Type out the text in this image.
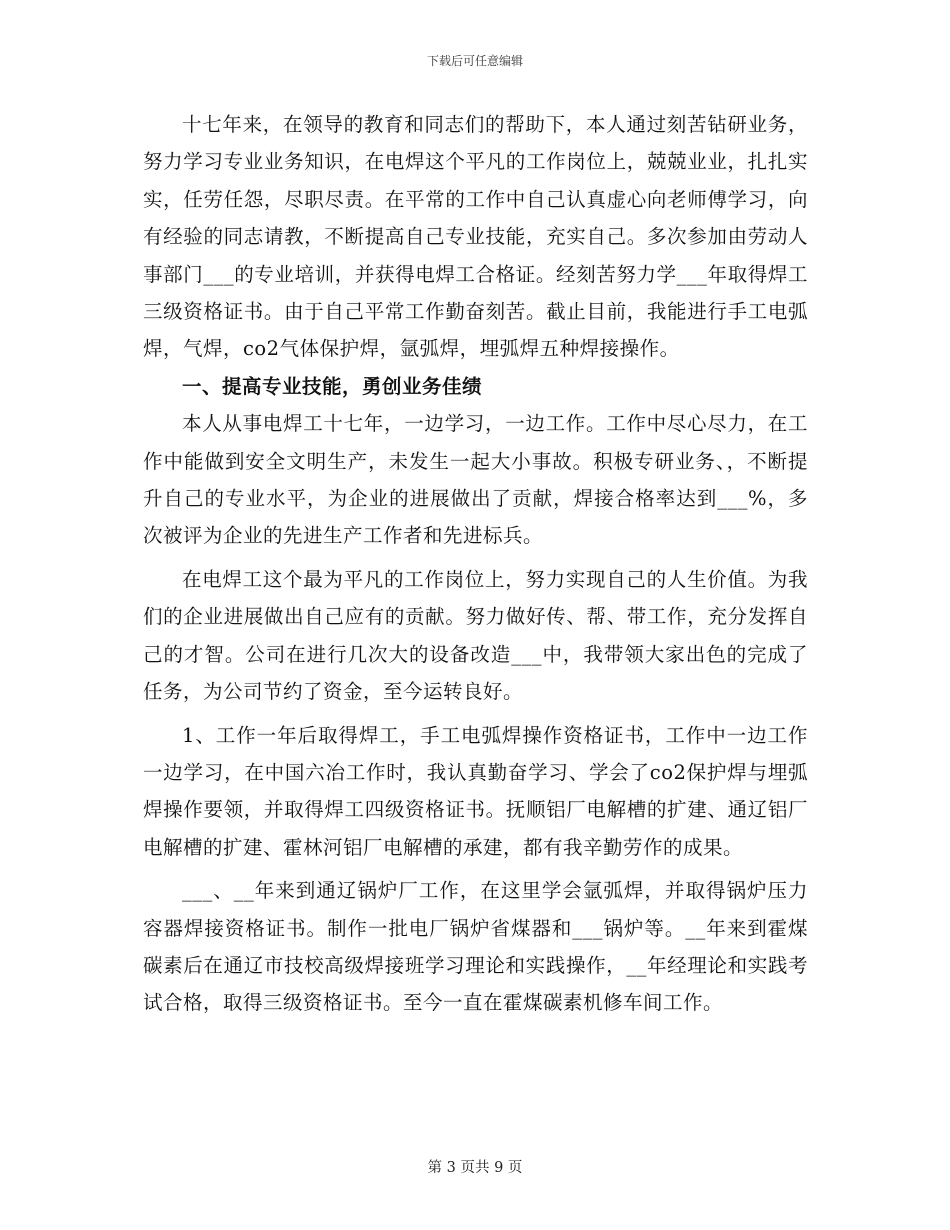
下载后可任意编辑

十七年来，在领导的教育和同志们的帮助下，本人通过刻苦钻研业务，努力学习专业业务知识，在电焊这个平凡的工作岗位上，兢兢业业，扎扎实实，任劳任怨，尽职尽责。在平常的工作中自己认真虚心向老师傅学习，向有经验的同志请教，不断提高自己专业技能，充实自己。多次参加由劳动人事部门___的专业培训，并获得电焊工合格证。经刻苦努力学___年取得焊工三级资格证书。由于自己平常工作勤奋刻苦。截止目前，我能进行手工电弧焊，气焊，co2气体保护焊，氩弧焊，埋弧焊五种焊接操作。

一、提高专业技能，勇创业务佳绩

本人从事电焊工十七年，一边学习，一边工作。工作中尽心尽力，在工作中能做到安全文明生产，未发生一起大小事故。积极专研业务、，不断提升自己的专业水平，为企业的进展做出了贡献，焊接合格率达到___%，多次被评为企业的先进生产工作者和先进标兵。

在电焊工这个最为平凡的工作岗位上，努力实现自己的人生价值。为我们的企业进展做出自己应有的贡献。努力做好传、帮、带工作，充分发挥自己的才智。公司在进行几次大的设备改造___中，我带领大家出色的完成了任务，为公司节约了资金，至今运转良好。

1、工作一年后取得焊工，手工电弧焊操作资格证书，工作中一边工作一边学习，在中国六冶工作时，我认真勤奋学习、学会了co2保护焊与埋弧焊操作要领，并取得焊工四级资格证书。抚顺铝厂电解槽的扩建、通辽铝厂电解槽的扩建、霍林河铝厂电解槽的承建，都有我辛勤劳作的成果。

___、__年来到通辽锅炉厂工作，在这里学会氩弧焊，并取得锅炉压力容器焊接资格证书。制作一批电厂锅炉省煤器和___锅炉等。__年来到霍煤碳素后在通辽市技校高级焊接班学习理论和实践操作，__年经理论和实践考试合格，取得三级资格证书。至今一直在霍煤碳素机修车间工作。

第 3 页共 9 页
